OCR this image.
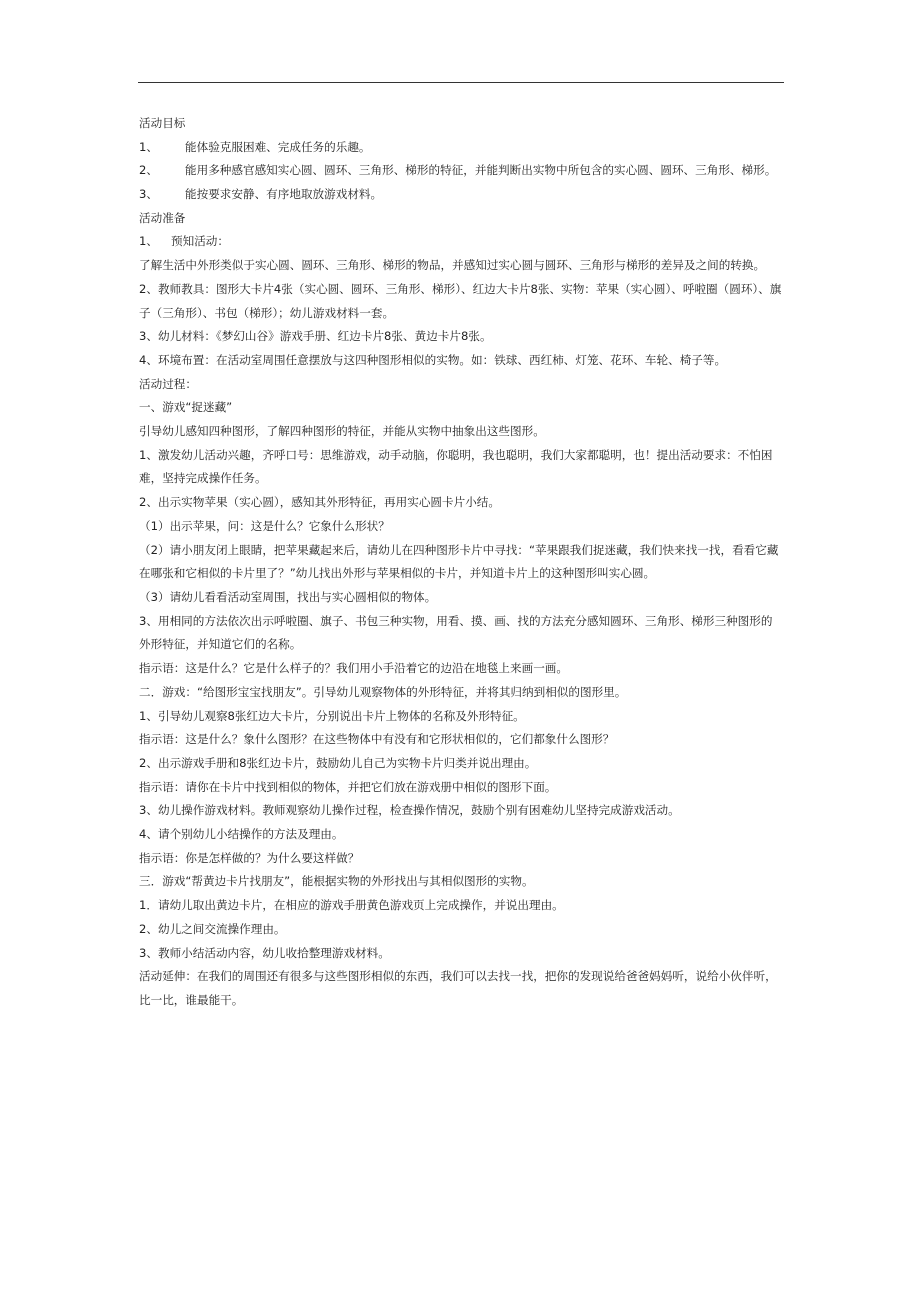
活动目标
1、	能体验克服困难、完成任务的乐趣。
2、 能用多种感官感知实心圆、圆环、三角形、梯形的特征，并能判断出实物中所包含的实心圆、圆环、三角形、梯形。
3、	能按要求安静、有序地取放游戏材料。
活动准备
1、 预知活动：
了解生活中外形类似于实心圆、圆环、三角形、梯形的物品，并感知过实心圆与圆环、三角形与梯形的差异及之间的转换。
2、教师教具：图形大卡片4张（实心圆、圆环、三角形、梯形）、红边大卡片8张、实物：苹果（实心圆）、呼啦圈（圆环）、旗子（三角形）、书包（梯形）；幼儿游戏材料一套。
3、幼儿材料：《梦幻山谷》游戏手册、红边卡片8张、黄边卡片8张。
4、环境布置：在活动室周围任意摆放与这四种图形相似的实物。如：铁球、西红柿、灯笼、花环、车轮、椅子等。
活动过程：
一、游戏“捉迷藏”
引导幼儿感知四种图形，了解四种图形的特征，并能从实物中抽象出这些图形。
1、激发幼儿活动兴趣，齐呼口号：思维游戏，动手动脑，你聪明，我也聪明，我们大家都聪明，也！提出活动要求：不怕困难，坚持完成操作任务。
2、出示实物苹果（实心圆），感知其外形特征，再用实心圆卡片小结。
（1）出示苹果，问：这是什么？它象什么形状？
（2）请小朋友闭上眼睛，把苹果藏起来后，请幼儿在四种图形卡片中寻找：“苹果跟我们捉迷藏，我们快来找一找，看看它藏在哪张和它相似的卡片里了？”幼儿找出外形与苹果相似的卡片，并知道卡片上的这种图形叫实心圆。
（3）请幼儿看看活动室周围，找出与实心圆相似的物体。
3、用相同的方法依次出示呼啦圈、旗子、书包三种实物，用看、摸、画、找的方法充分感知圆环、三角形、梯形三种图形的外形特征，并知道它们的名称。
指示语：这是什么？它是什么样子的？我们用小手沿着它的边沿在地毯上来画一画。
二．游戏：“给图形宝宝找朋友”。引导幼儿观察物体的外形特征，并将其归纳到相似的图形里。
1、引导幼儿观察8张红边大卡片，分别说出卡片上物体的名称及外形特征。
指示语：这是什么？象什么图形？在这些物体中有没有和它形状相似的，它们都象什么图形？
2、出示游戏手册和8张红边卡片，鼓励幼儿自己为实物卡片归类并说出理由。
指示语：请你在卡片中找到相似的物体，并把它们放在游戏册中相似的图形下面。
3、幼儿操作游戏材料。教师观察幼儿操作过程，检查操作情况，鼓励个别有困难幼儿坚持完成游戏活动。
4、请个别幼儿小结操作的方法及理由。
指示语：你是怎样做的？为什么要这样做？
三．游戏“帮黄边卡片找朋友”，能根据实物的外形找出与其相似图形的实物。
1．请幼儿取出黄边卡片，在相应的游戏手册黄色游戏页上完成操作，并说出理由。
2、幼儿之间交流操作理由。
3、教师小结活动内容，幼儿收拾整理游戏材料。
活动延伸：在我们的周围还有很多与这些图形相似的东西，我们可以去找一找，把你的发现说给爸爸妈妈听，说给小伙伴听，比一比，谁最能干。
